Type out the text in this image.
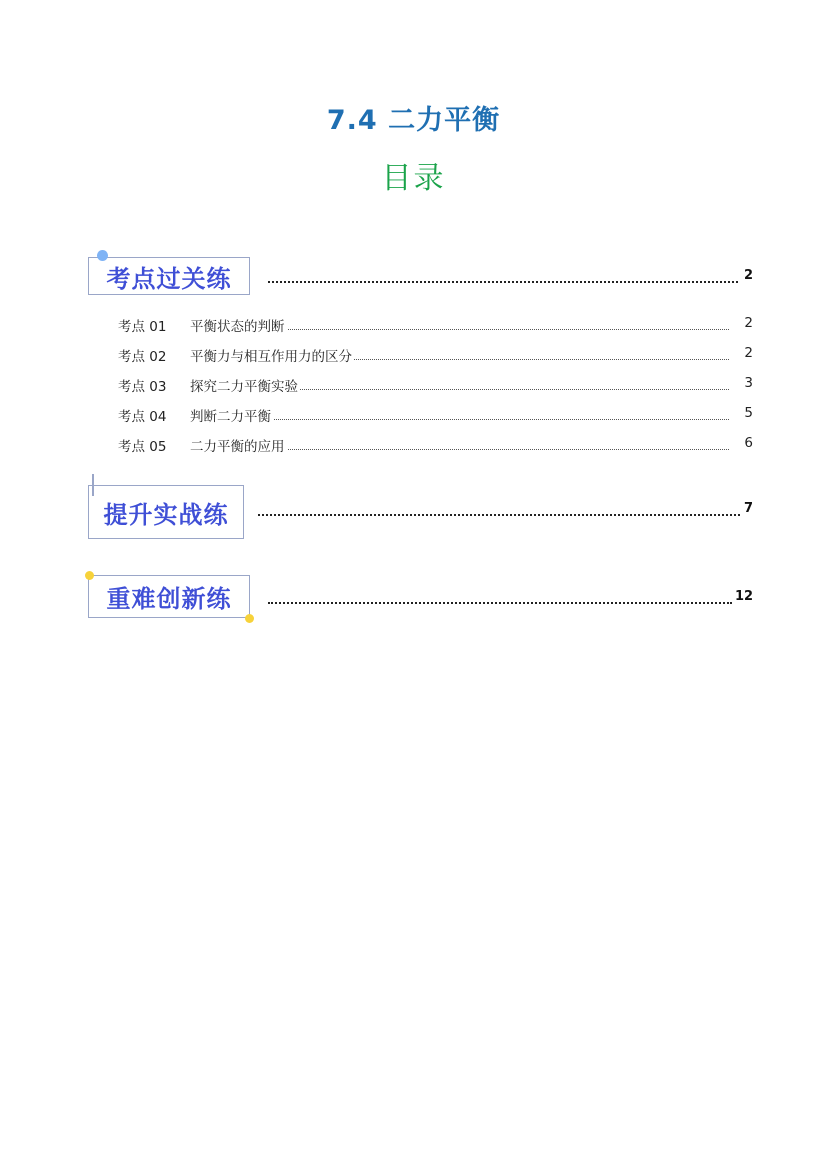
7.4 二力平衡
目录
考点过关练	2
考点 01 平衡状态的判断	2
考点 02 平衡力与相互作用力的区分	2
考点 03 探究二力平衡实验	3
考点 04 判断二力平衡	5
考点 05 二力平衡的应用	6
提升实战练	7
重难创新练	12
